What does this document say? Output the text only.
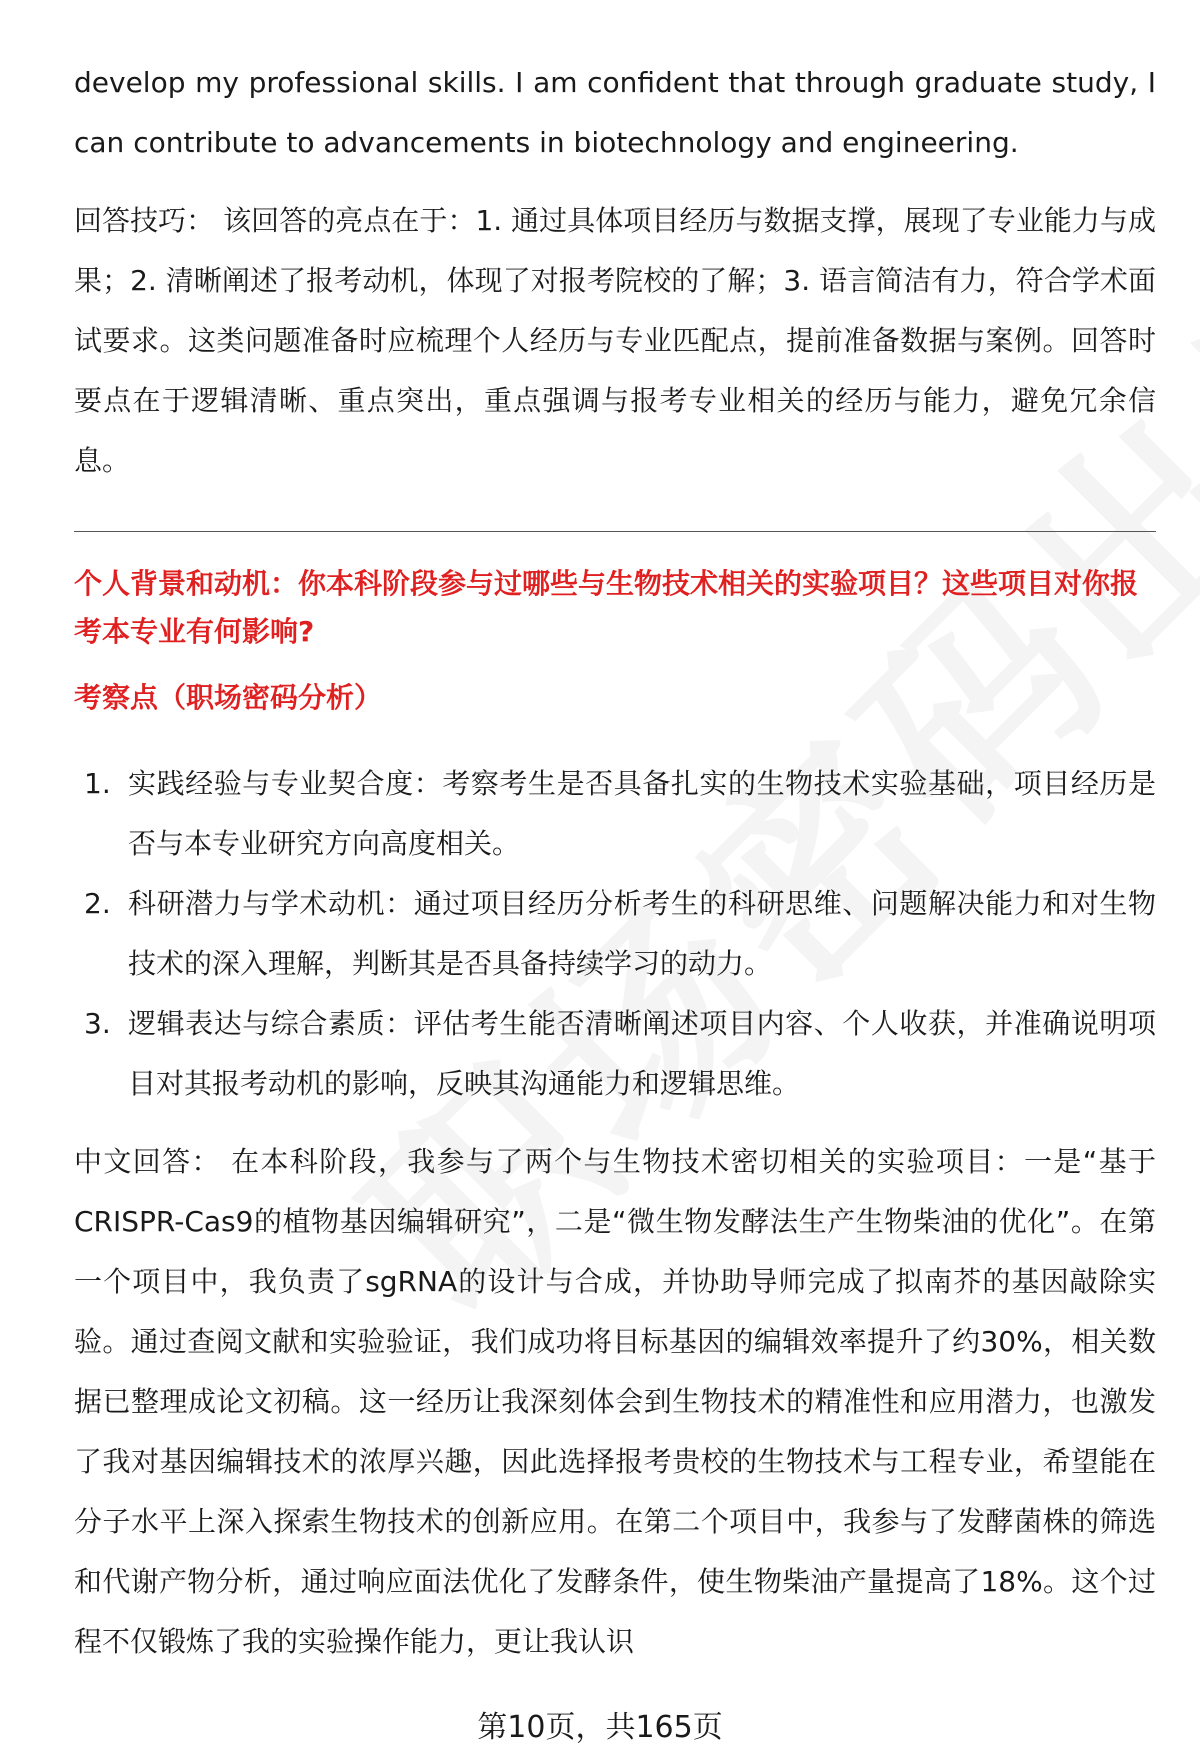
develop my professional skills. I am confident that through graduate study, I can contribute to advancements in biotechnology and engineering.

回答技巧： 该回答的亮点在于：1. 通过具体项目经历与数据支撑，展现了专业能力与成果；2. 清晰阐述了报考动机，体现了对报考院校的了解；3. 语言简洁有力，符合学术面试要求。这类问题准备时应梳理个人经历与专业匹配点，提前准备数据与案例。回答时要点在于逻辑清晰、重点突出，重点强调与报考专业相关的经历与能力，避免冗余信息。

个人背景和动机：你本科阶段参与过哪些与生物技术相关的实验项目？这些项目对你报考本专业有何影响?
考察点（职场密码分析）
1. 实践经验与专业契合度：考察考生是否具备扎实的生物技术实验基础，项目经历是否与本专业研究方向高度相关。
2. 科研潜力与学术动机：通过项目经历分析考生的科研思维、问题解决能力和对生物技术的深入理解，判断其是否具备持续学习的动力。
3. 逻辑表达与综合素质：评估考生能否清晰阐述项目内容、个人收获，并准确说明项目对其报考动机的影响，反映其沟通能力和逻辑思维。

中文回答： 在本科阶段，我参与了两个与生物技术密切相关的实验项目：一是“基于CRISPR-Cas9的植物基因编辑研究”，二是“微生物发酵法生产生物柴油的优化”。在第一个项目中，我负责了sgRNA的设计与合成，并协助导师完成了拟南芥的基因敲除实验。通过查阅文献和实验验证，我们成功将目标基因的编辑效率提升了约30%，相关数据已整理成论文初稿。这一经历让我深刻体会到生物技术的精准性和应用潜力，也激发了我对基因编辑技术的浓厚兴趣，因此选择报考贵校的生物技术与工程专业，希望能在分子水平上深入探索生物技术的创新应用。在第二个项目中，我参与了发酵菌株的筛选和代谢产物分析，通过响应面法优化了发酵条件，使生物柴油产量提高了18%。这个过程不仅锻炼了我的实验操作能力，更让我认识

第10页，共165页
